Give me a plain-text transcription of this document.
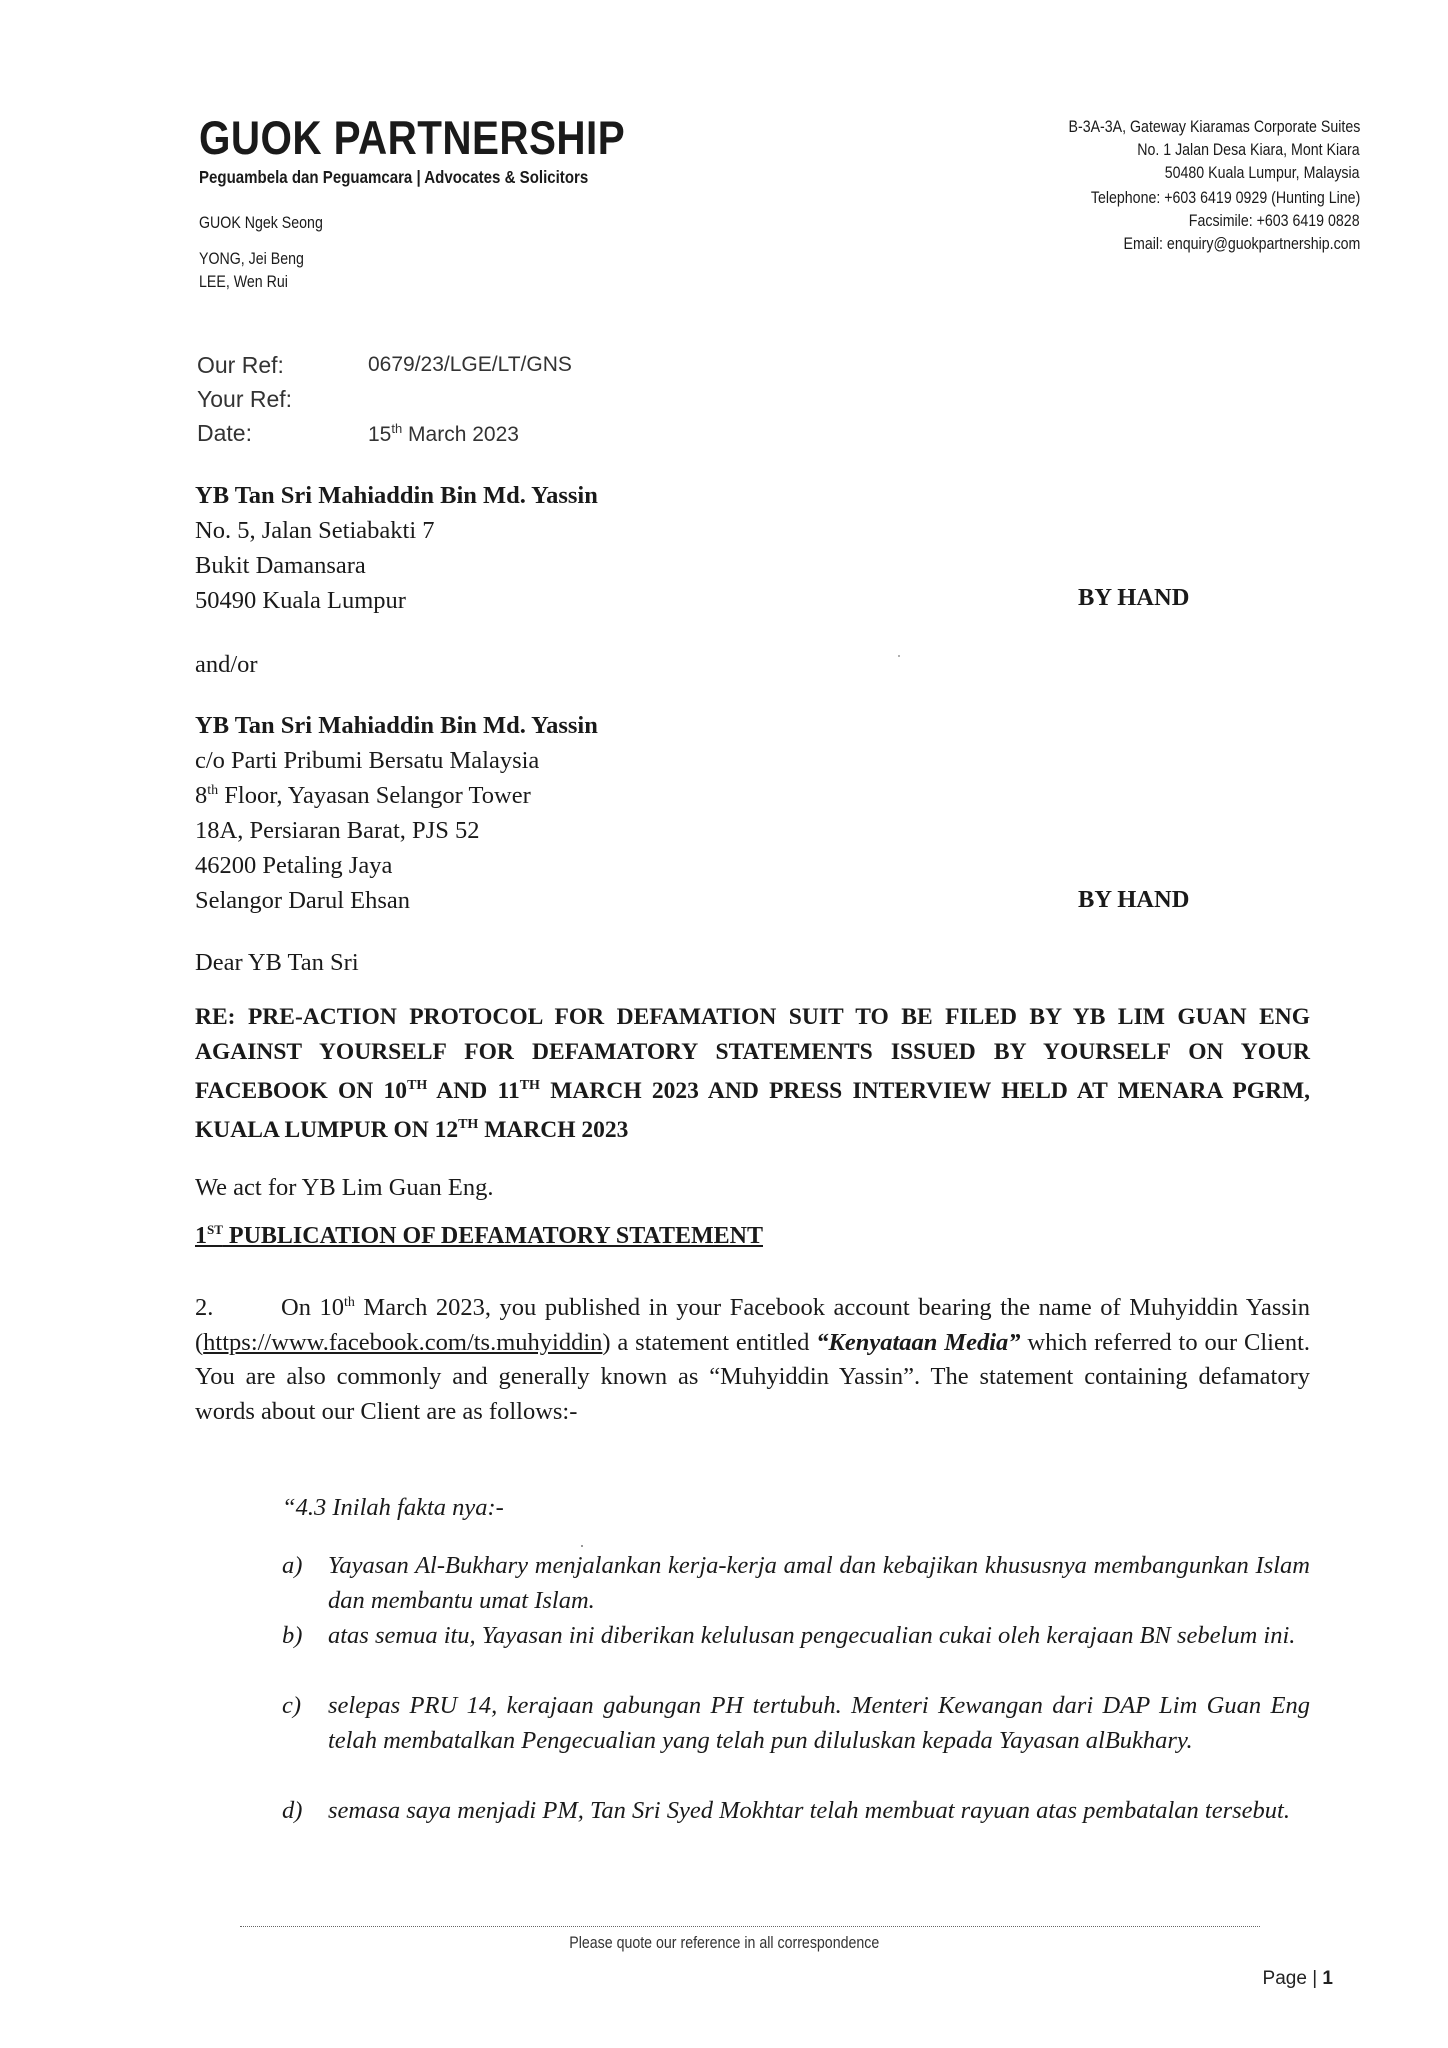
GUOK PARTNERSHIP
Peguambela dan Peguamcara | Advocates & Solicitors
GUOK Ngek Seong
YONG, Jei Beng
LEE, Wen Rui
B-3A-3A, Gateway Kiaramas Corporate Suites
No. 1 Jalan Desa Kiara, Mont Kiara
50480 Kuala Lumpur, Malaysia
Telephone: +603 6419 0929 (Hunting Line)
Facsimile: +603 6419 0828
Email: enquiry@guokpartnership.com
Our Ref:	0679/23/LGE/LT/GNS
Your Ref:
Date:	15th March 2023
YB Tan Sri Mahiaddin Bin Md. Yassin
No. 5, Jalan Setiabakti 7
Bukit Damansara
50490 Kuala Lumpur	BY HAND
and/or
YB Tan Sri Mahiaddin Bin Md. Yassin
c/o Parti Pribumi Bersatu Malaysia
8th Floor, Yayasan Selangor Tower
18A, Persiaran Barat, PJS 52
46200 Petaling Jaya
Selangor Darul Ehsan	BY HAND
Dear YB Tan Sri
RE: PRE-ACTION PROTOCOL FOR DEFAMATION SUIT TO BE FILED BY YB LIM GUAN ENG AGAINST YOURSELF FOR DEFAMATORY STATEMENTS ISSUED BY YOURSELF ON YOUR FACEBOOK ON 10TH AND 11TH MARCH 2023 AND PRESS INTERVIEW HELD AT MENARA PGRM, KUALA LUMPUR ON 12TH MARCH 2023
We act for YB Lim Guan Eng.
1ST PUBLICATION OF DEFAMATORY STATEMENT
2.	On 10th March 2023, you published in your Facebook account bearing the name of Muhyiddin Yassin (https://www.facebook.com/ts.muhyiddin) a statement entitled “Kenyataan Media” which referred to our Client. You are also commonly and generally known as “Muhyiddin Yassin”. The statement containing defamatory words about our Client are as follows:-
“4.3 Inilah fakta nya:-
a) Yayasan Al-Bukhary menjalankan kerja-kerja amal dan kebajikan khususnya membangunkan Islam dan membantu umat Islam.
b) atas semua itu, Yayasan ini diberikan kelulusan pengecualian cukai oleh kerajaan BN sebelum ini.
c) selepas PRU 14, kerajaan gabungan PH tertubuh. Menteri Kewangan dari DAP Lim Guan Eng telah membatalkan Pengecualian yang telah pun diluluskan kepada Yayasan alBukhary.
d) semasa saya menjadi PM, Tan Sri Syed Mokhtar telah membuat rayuan atas pembatalan tersebut.
Please quote our reference in all correspondence
Page | 1
